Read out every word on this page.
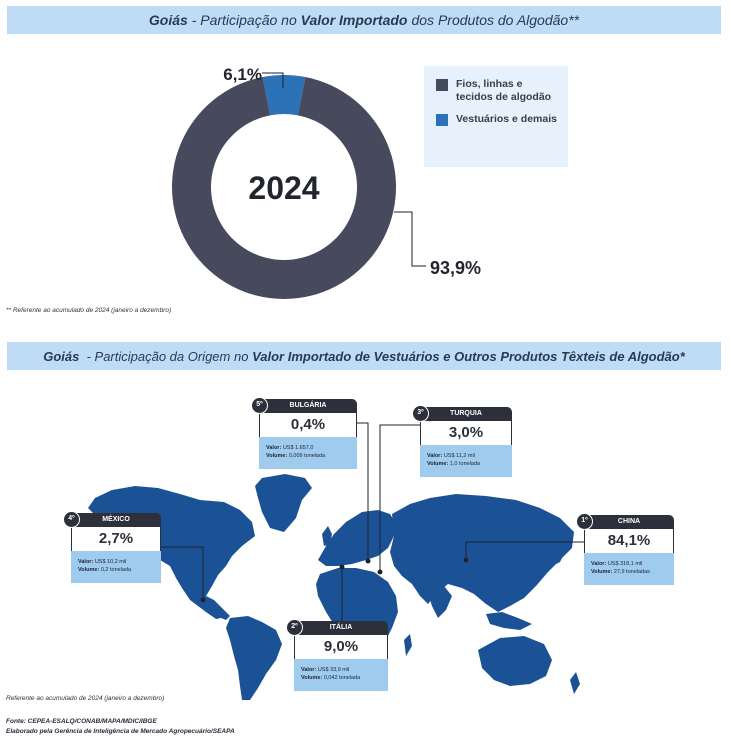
Goiás - Participação no Valor Importado dos Produtos do Algodão**
2024
6,1%
93,9%
Fios, linhas e tecidos de algodão
Vestuários e demais
** Referente ao acumulado de 2024 (janeiro a dezembro)
Goiás - Participação da Origem no Valor Importado de Vestuários e Outros Produtos Têxteis de Algodão*
5º	BULGÁRIA
0,4%
Valor: US$ 1.657,0
Volume: 0,009 tonelada
3º	TURQUIA
3,0%
Valor: US$ 11,2 mil
Volume: 1,0 tonelada
4º	MÉXICO
2,7%
Valor: US$ 10,2 mil
Volume: 0,2 tonelada
1º	CHINA
84,1%
Valor: US$ 318,1 mil
Volume: 27,9 toneladas
2º	ITÁLIA
9,0%
Valor: US$ 33,9 mil
Volume: 0,042 tonelada
Referente ao acumulado de 2024 (janeiro a dezembro)
Fonte: CEPEA-ESALQ/CONAB/MAPA/MDIC/IBGE
Elaborado pela Gerência de Inteligência de Mercado Agropecuário/SEAPA
